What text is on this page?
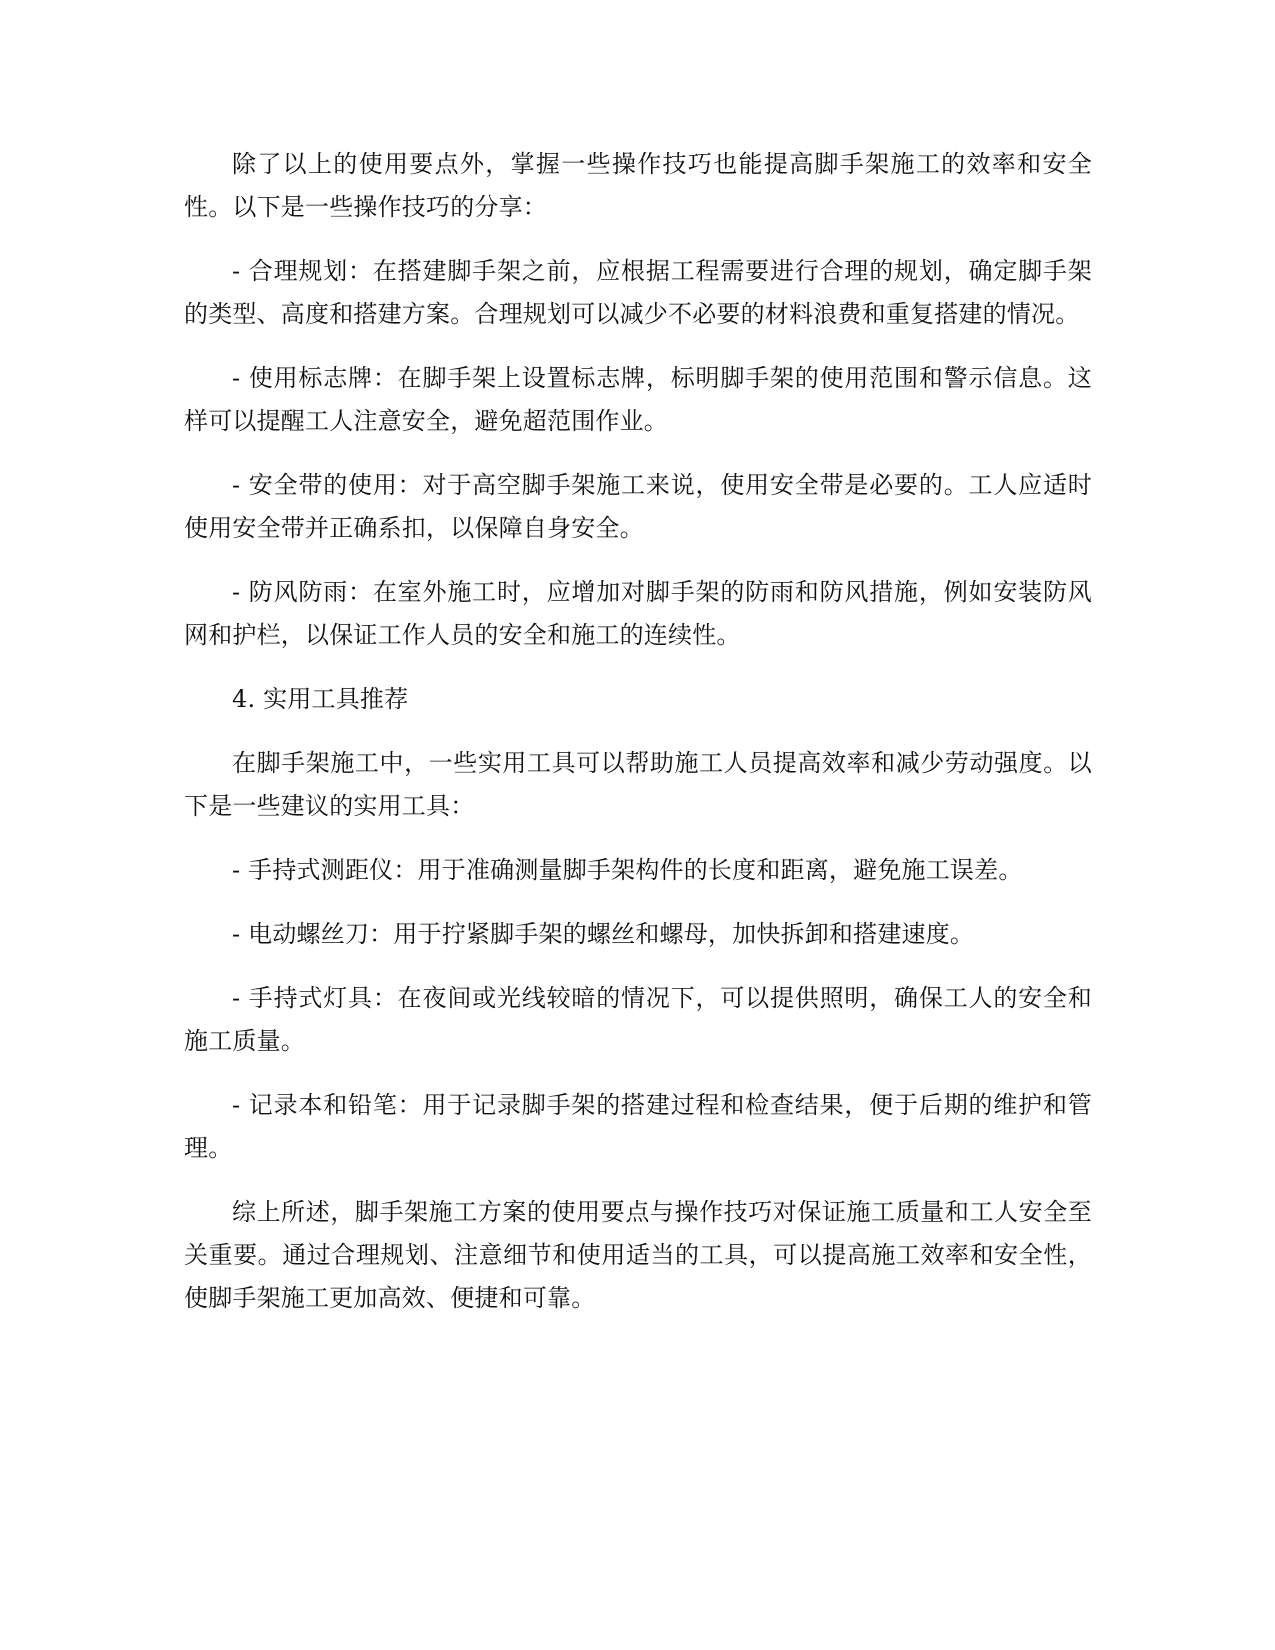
除了以上的使用要点外，掌握一些操作技巧也能提高脚手架施工的效率和安全性。以下是一些操作技巧的分享：

- 合理规划：在搭建脚手架之前，应根据工程需要进行合理的规划，确定脚手架的类型、高度和搭建方案。合理规划可以减少不必要的材料浪费和重复搭建的情况。

- 使用标志牌：在脚手架上设置标志牌，标明脚手架的使用范围和警示信息。这样可以提醒工人注意安全，避免超范围作业。

- 安全带的使用：对于高空脚手架施工来说，使用安全带是必要的。工人应适时使用安全带并正确系扣，以保障自身安全。

- 防风防雨：在室外施工时，应增加对脚手架的防雨和防风措施，例如安装防风网和护栏，以保证工作人员的安全和施工的连续性。

4. 实用工具推荐

在脚手架施工中，一些实用工具可以帮助施工人员提高效率和减少劳动强度。以下是一些建议的实用工具：

- 手持式测距仪：用于准确测量脚手架构件的长度和距离，避免施工误差。

- 电动螺丝刀：用于拧紧脚手架的螺丝和螺母，加快拆卸和搭建速度。

- 手持式灯具：在夜间或光线较暗的情况下，可以提供照明，确保工人的安全和施工质量。

- 记录本和铅笔：用于记录脚手架的搭建过程和检查结果，便于后期的维护和管理。

综上所述，脚手架施工方案的使用要点与操作技巧对保证施工质量和工人安全至关重要。通过合理规划、注意细节和使用适当的工具，可以提高施工效率和安全性，使脚手架施工更加高效、便捷和可靠。
